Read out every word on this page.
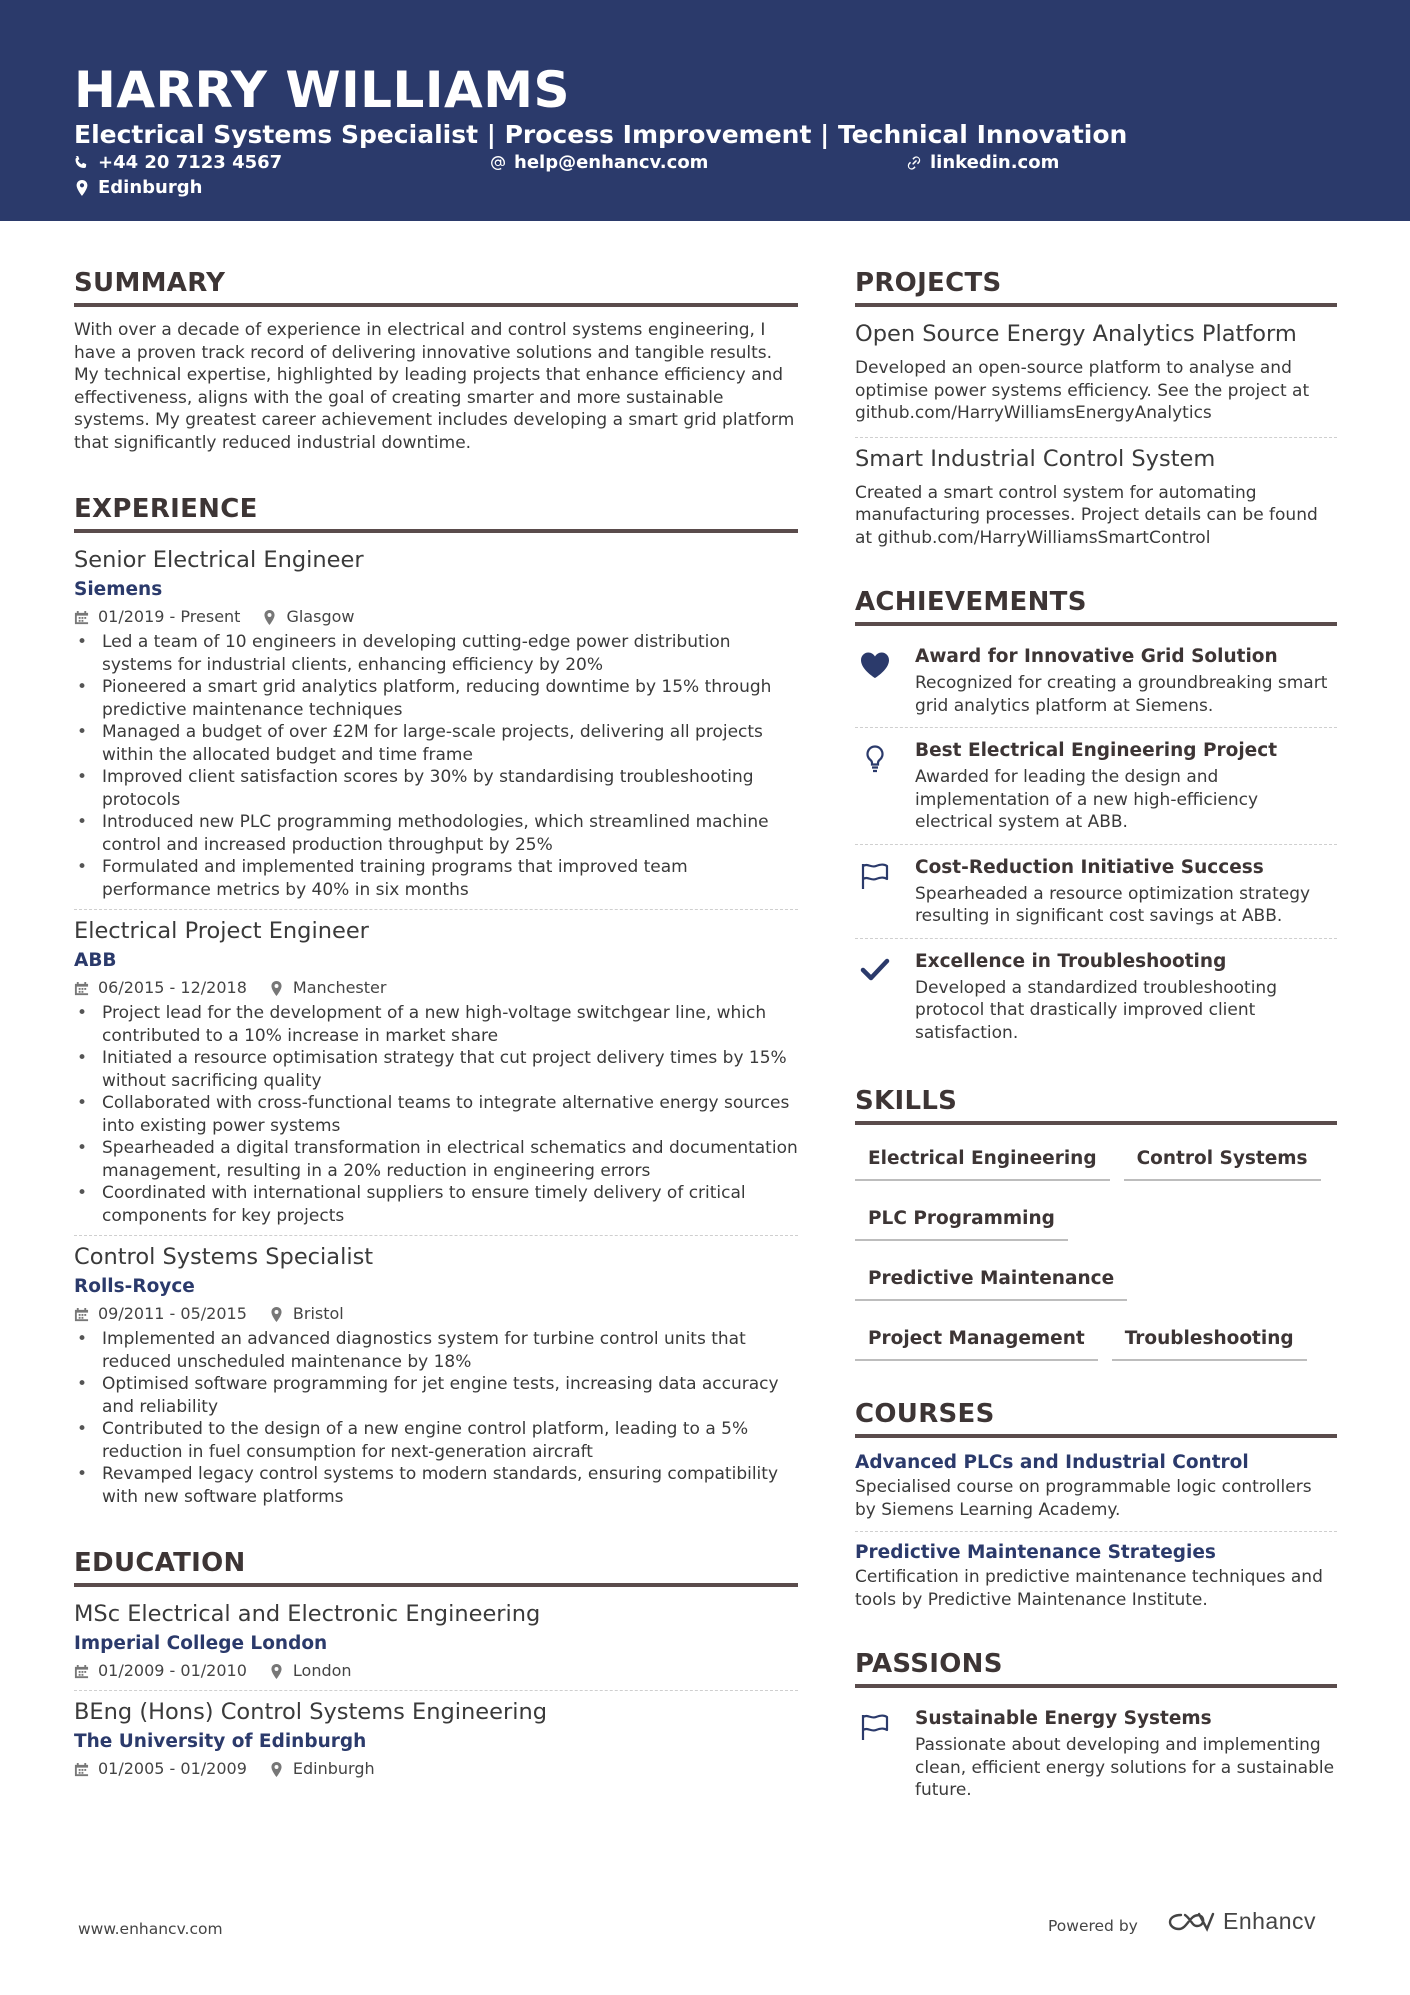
HARRY WILLIAMS
Electrical Systems Specialist | Process Improvement | Technical Innovation
+44 20 7123 4567	help@enhancv.com	linkedin.com
Edinburgh
SUMMARY
With over a decade of experience in electrical and control systems engineering, I have a proven track record of delivering innovative solutions and tangible results. My technical expertise, highlighted by leading projects that enhance efficiency and effectiveness, aligns with the goal of creating smarter and more sustainable systems. My greatest career achievement includes developing a smart grid platform that significantly reduced industrial downtime.
EXPERIENCE
Senior Electrical Engineer
Siemens
01/2019 - Present	Glasgow
• Led a team of 10 engineers in developing cutting-edge power distribution systems for industrial clients, enhancing efficiency by 20%
• Pioneered a smart grid analytics platform, reducing downtime by 15% through predictive maintenance techniques
• Managed a budget of over £2M for large-scale projects, delivering all projects within the allocated budget and time frame
• Improved client satisfaction scores by 30% by standardising troubleshooting protocols
• Introduced new PLC programming methodologies, which streamlined machine control and increased production throughput by 25%
• Formulated and implemented training programs that improved team performance metrics by 40% in six months
Electrical Project Engineer
ABB
06/2015 - 12/2018	Manchester
• Project lead for the development of a new high-voltage switchgear line, which contributed to a 10% increase in market share
• Initiated a resource optimisation strategy that cut project delivery times by 15% without sacrificing quality
• Collaborated with cross-functional teams to integrate alternative energy sources into existing power systems
• Spearheaded a digital transformation in electrical schematics and documentation management, resulting in a 20% reduction in engineering errors
• Coordinated with international suppliers to ensure timely delivery of critical components for key projects
Control Systems Specialist
Rolls-Royce
09/2011 - 05/2015	Bristol
• Implemented an advanced diagnostics system for turbine control units that reduced unscheduled maintenance by 18%
• Optimised software programming for jet engine tests, increasing data accuracy and reliability
• Contributed to the design of a new engine control platform, leading to a 5% reduction in fuel consumption for next-generation aircraft
• Revamped legacy control systems to modern standards, ensuring compatibility with new software platforms
EDUCATION
MSc Electrical and Electronic Engineering
Imperial College London
01/2009 - 01/2010	London
BEng (Hons) Control Systems Engineering
The University of Edinburgh
01/2005 - 01/2009	Edinburgh
PROJECTS
Open Source Energy Analytics Platform
Developed an open-source platform to analyse and optimise power systems efficiency. See the project at github.com/HarryWilliamsEnergyAnalytics
Smart Industrial Control System
Created a smart control system for automating manufacturing processes. Project details can be found at github.com/HarryWilliamsSmartControl
ACHIEVEMENTS
Award for Innovative Grid Solution
Recognized for creating a groundbreaking smart grid analytics platform at Siemens.
Best Electrical Engineering Project
Awarded for leading the design and implementation of a new high-efficiency electrical system at ABB.
Cost-Reduction Initiative Success
Spearheaded a resource optimization strategy resulting in significant cost savings at ABB.
Excellence in Troubleshooting
Developed a standardized troubleshooting protocol that drastically improved client satisfaction.
SKILLS
Electrical Engineering	Control Systems
PLC Programming
Predictive Maintenance
Project Management	Troubleshooting
COURSES
Advanced PLCs and Industrial Control
Specialised course on programmable logic controllers by Siemens Learning Academy.
Predictive Maintenance Strategies
Certification in predictive maintenance techniques and tools by Predictive Maintenance Institute.
PASSIONS
Sustainable Energy Systems
Passionate about developing and implementing clean, efficient energy solutions for a sustainable future.
www.enhancv.com	Powered by	Enhancv
